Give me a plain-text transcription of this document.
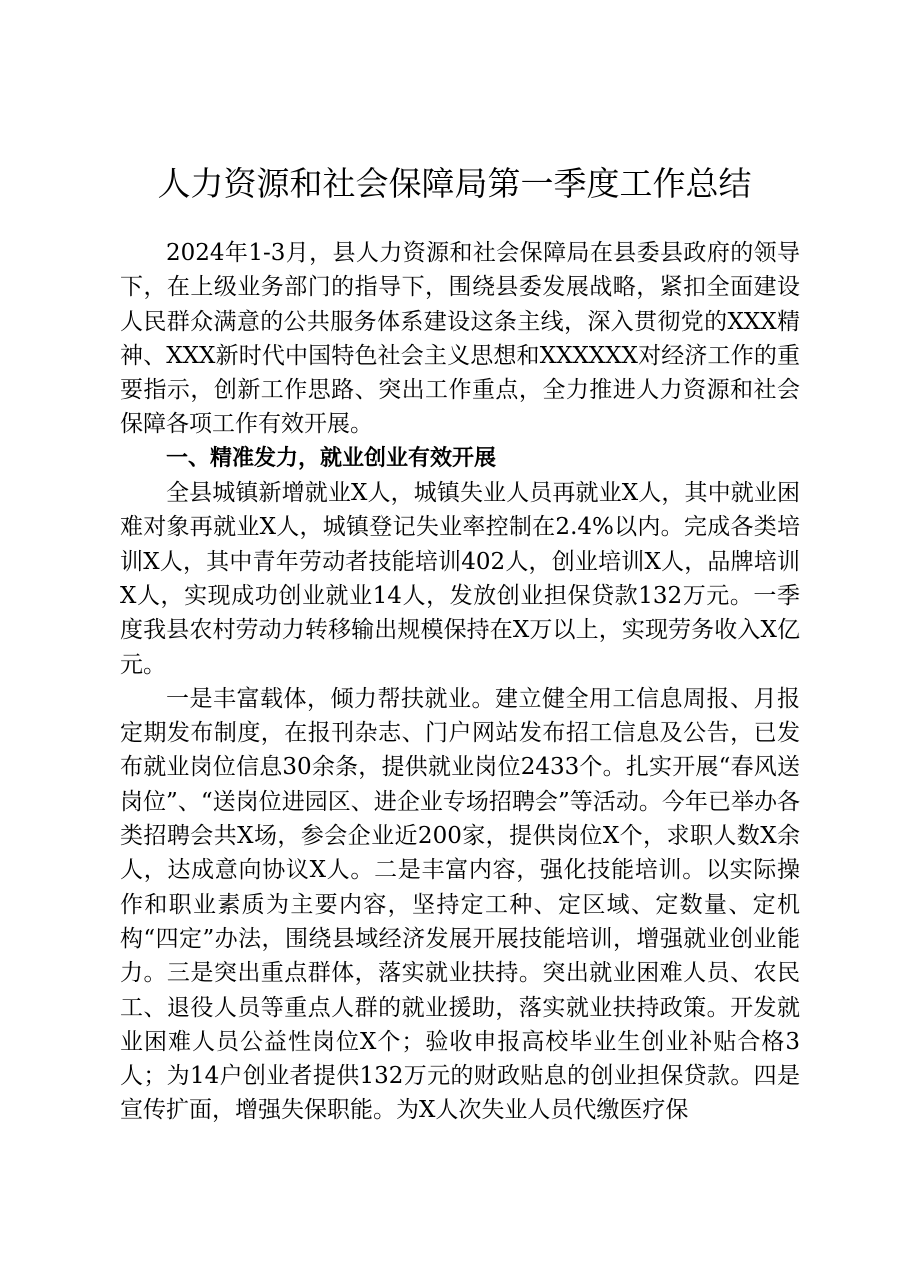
人力资源和社会保障局第一季度工作总结

2024年1-3月，县人力资源和社会保障局在县委县政府的领导下，在上级业务部门的指导下，围绕县委发展战略，紧扣全面建设人民群众满意的公共服务体系建设这条主线，深入贯彻党的XXX精神、XXX新时代中国特色社会主义思想和XXXXXX对经济工作的重要指示，创新工作思路、突出工作重点，全力推进人力资源和社会保障各项工作有效开展。

一、精准发力，就业创业有效开展

全县城镇新增就业X人，城镇失业人员再就业X人，其中就业困难对象再就业X人，城镇登记失业率控制在2.4%以内。完成各类培训X人，其中青年劳动者技能培训402人，创业培训X人，品牌培训X人，实现成功创业就业14人，发放创业担保贷款132万元。一季度我县农村劳动力转移输出规模保持在X万以上，实现劳务收入X亿元。

一是丰富载体，倾力帮扶就业。建立健全用工信息周报、月报定期发布制度，在报刊杂志、门户网站发布招工信息及公告，已发布就业岗位信息30余条，提供就业岗位2433个。扎实开展“春风送岗位”、“送岗位进园区、进企业专场招聘会”等活动。今年已举办各类招聘会共X场，参会企业近200家，提供岗位X个，求职人数X余人，达成意向协议X人。二是丰富内容，强化技能培训。以实际操作和职业素质为主要内容，坚持定工种、定区域、定数量、定机构“四定”办法，围绕县域经济发展开展技能培训，增强就业创业能力。三是突出重点群体，落实就业扶持。突出就业困难人员、农民工、退役人员等重点人群的就业援助，落实就业扶持政策。开发就业困难人员公益性岗位X个；验收申报高校毕业生创业补贴合格3人；为14户创业者提供132万元的财政贴息的创业担保贷款。四是宣传扩面，增强失保职能。为X人次失业人员代缴医疗保
